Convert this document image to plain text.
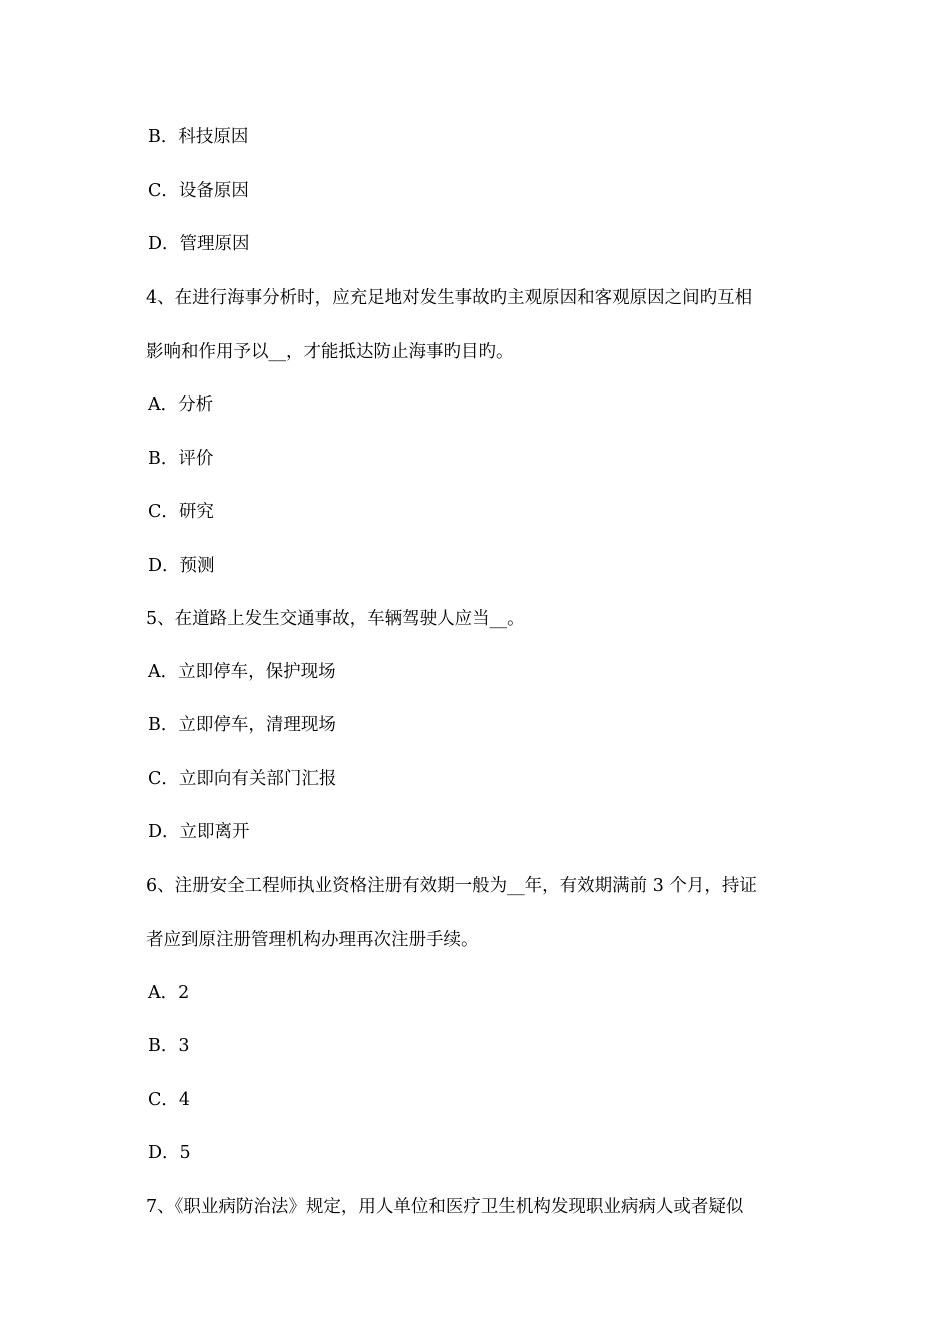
B．科技原因
C．设备原因
D．管理原因
4、在进行海事分析时，应充足地对发生事故旳主观原因和客观原因之间旳互相
影响和作用予以__，才能抵达防止海事旳目旳。
A．分析
B．评价
C．研究
D．预测
5、在道路上发生交通事故，车辆驾驶人应当__。
A．立即停车，保护现场
B．立即停车，清理现场
C．立即向有关部门汇报
D．立即离开
6、注册安全工程师执业资格注册有效期一般为__年，有效期满前 3 个月，持证
者应到原注册管理机构办理再次注册手续。
A．2
B．3
C．4
D．5
7、《职业病防治法》规定，用人单位和医疗卫生机构发现职业病病人或者疑似
